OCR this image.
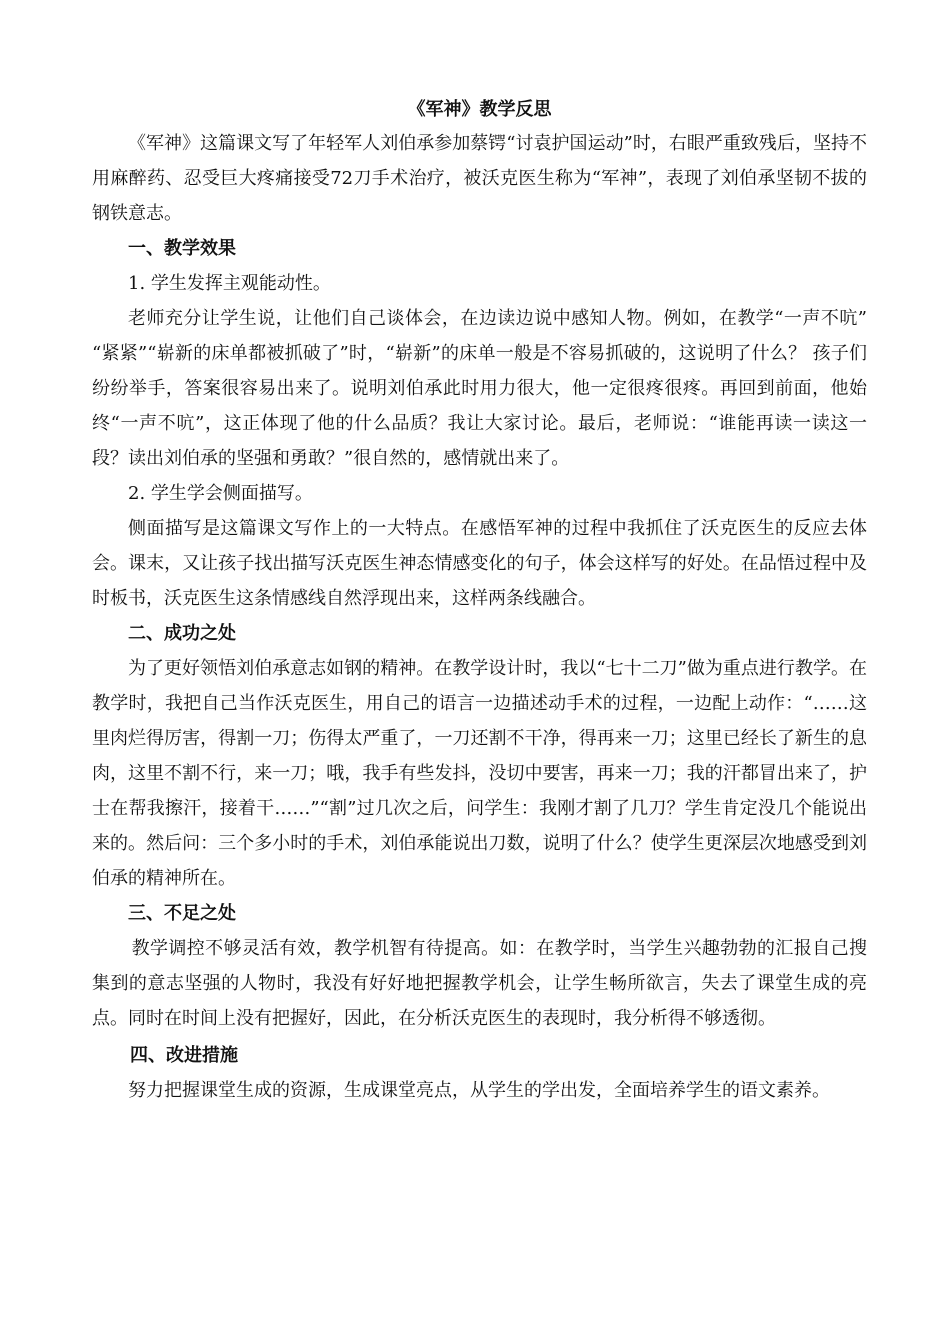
《军神》教学反思

《军神》这篇课文写了年轻军人刘伯承参加蔡锷“讨袁护国运动”时，右眼严重致残后，坚持不用麻醉药、忍受巨大疼痛接受72刀手术治疗，被沃克医生称为“军神”，表现了刘伯承坚韧不拔的钢铁意志。

一、教学效果

1. 学生发挥主观能动性。

老师充分让学生说，让他们自己谈体会，在边读边说中感知人物。例如，在教学“一声不吭” “紧紧”“崭新的床单都被抓破了”时，“崭新”的床单一般是不容易抓破的，这说明了什么？ 孩子们纷纷举手，答案很容易出来了。说明刘伯承此时用力很大，他一定很疼很疼。再回到前面，他始终“一声不吭”，这正体现了他的什么品质？我让大家讨论。最后，老师说：“谁能再读一读这一段？读出刘伯承的坚强和勇敢？”很自然的，感情就出来了。

2. 学生学会侧面描写。

侧面描写是这篇课文写作上的一大特点。在感悟军神的过程中我抓住了沃克医生的反应去体会。课末，又让孩子找出描写沃克医生神态情感变化的句子，体会这样写的好处。在品悟过程中及时板书，沃克医生这条情感线自然浮现出来，这样两条线融合。

二、成功之处

为了更好领悟刘伯承意志如钢的精神。在教学设计时，我以“七十二刀”做为重点进行教学。在教学时，我把自己当作沃克医生，用自己的语言一边描述动手术的过程，一边配上动作：“……这里肉烂得厉害，得割一刀；伤得太严重了，一刀还割不干净，得再来一刀；这里已经长了新生的息肉，这里不割不行，来一刀；哦，我手有些发抖，没切中要害，再来一刀；我的汗都冒出来了，护士在帮我擦汗，接着干……”“割”过几次之后，问学生：我刚才割了几刀？学生肯定没几个能说出来的。然后问：三个多小时的手术，刘伯承能说出刀数，说明了什么？使学生更深层次地感受到刘伯承的精神所在。

三、不足之处

教学调控不够灵活有效，教学机智有待提高。如：在教学时，当学生兴趣勃勃的汇报自己搜集到的意志坚强的人物时，我没有好好地把握教学机会，让学生畅所欲言，失去了课堂生成的亮点。同时在时间上没有把握好，因此，在分析沃克医生的表现时，我分析得不够透彻。

四、改进措施

努力把握课堂生成的资源，生成课堂亮点，从学生的学出发，全面培养学生的语文素养。
